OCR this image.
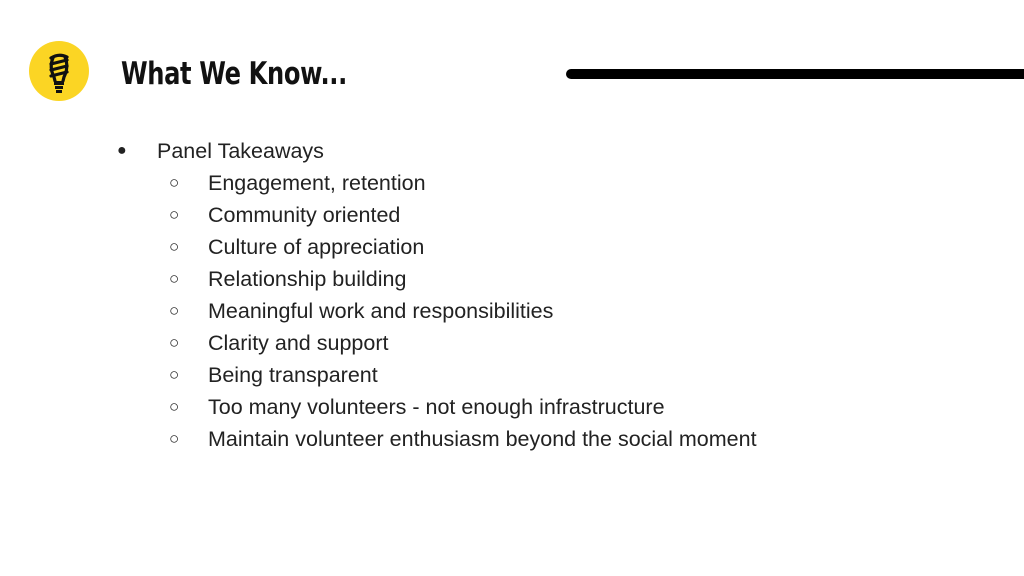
What We Know...
● Panel Takeaways
○ Engagement, retention
○ Community oriented
○ Culture of appreciation
○ Relationship building
○ Meaningful work and responsibilities
○ Clarity and support
○ Being transparent
○ Too many volunteers - not enough infrastructure
○ Maintain volunteer enthusiasm beyond the social moment
